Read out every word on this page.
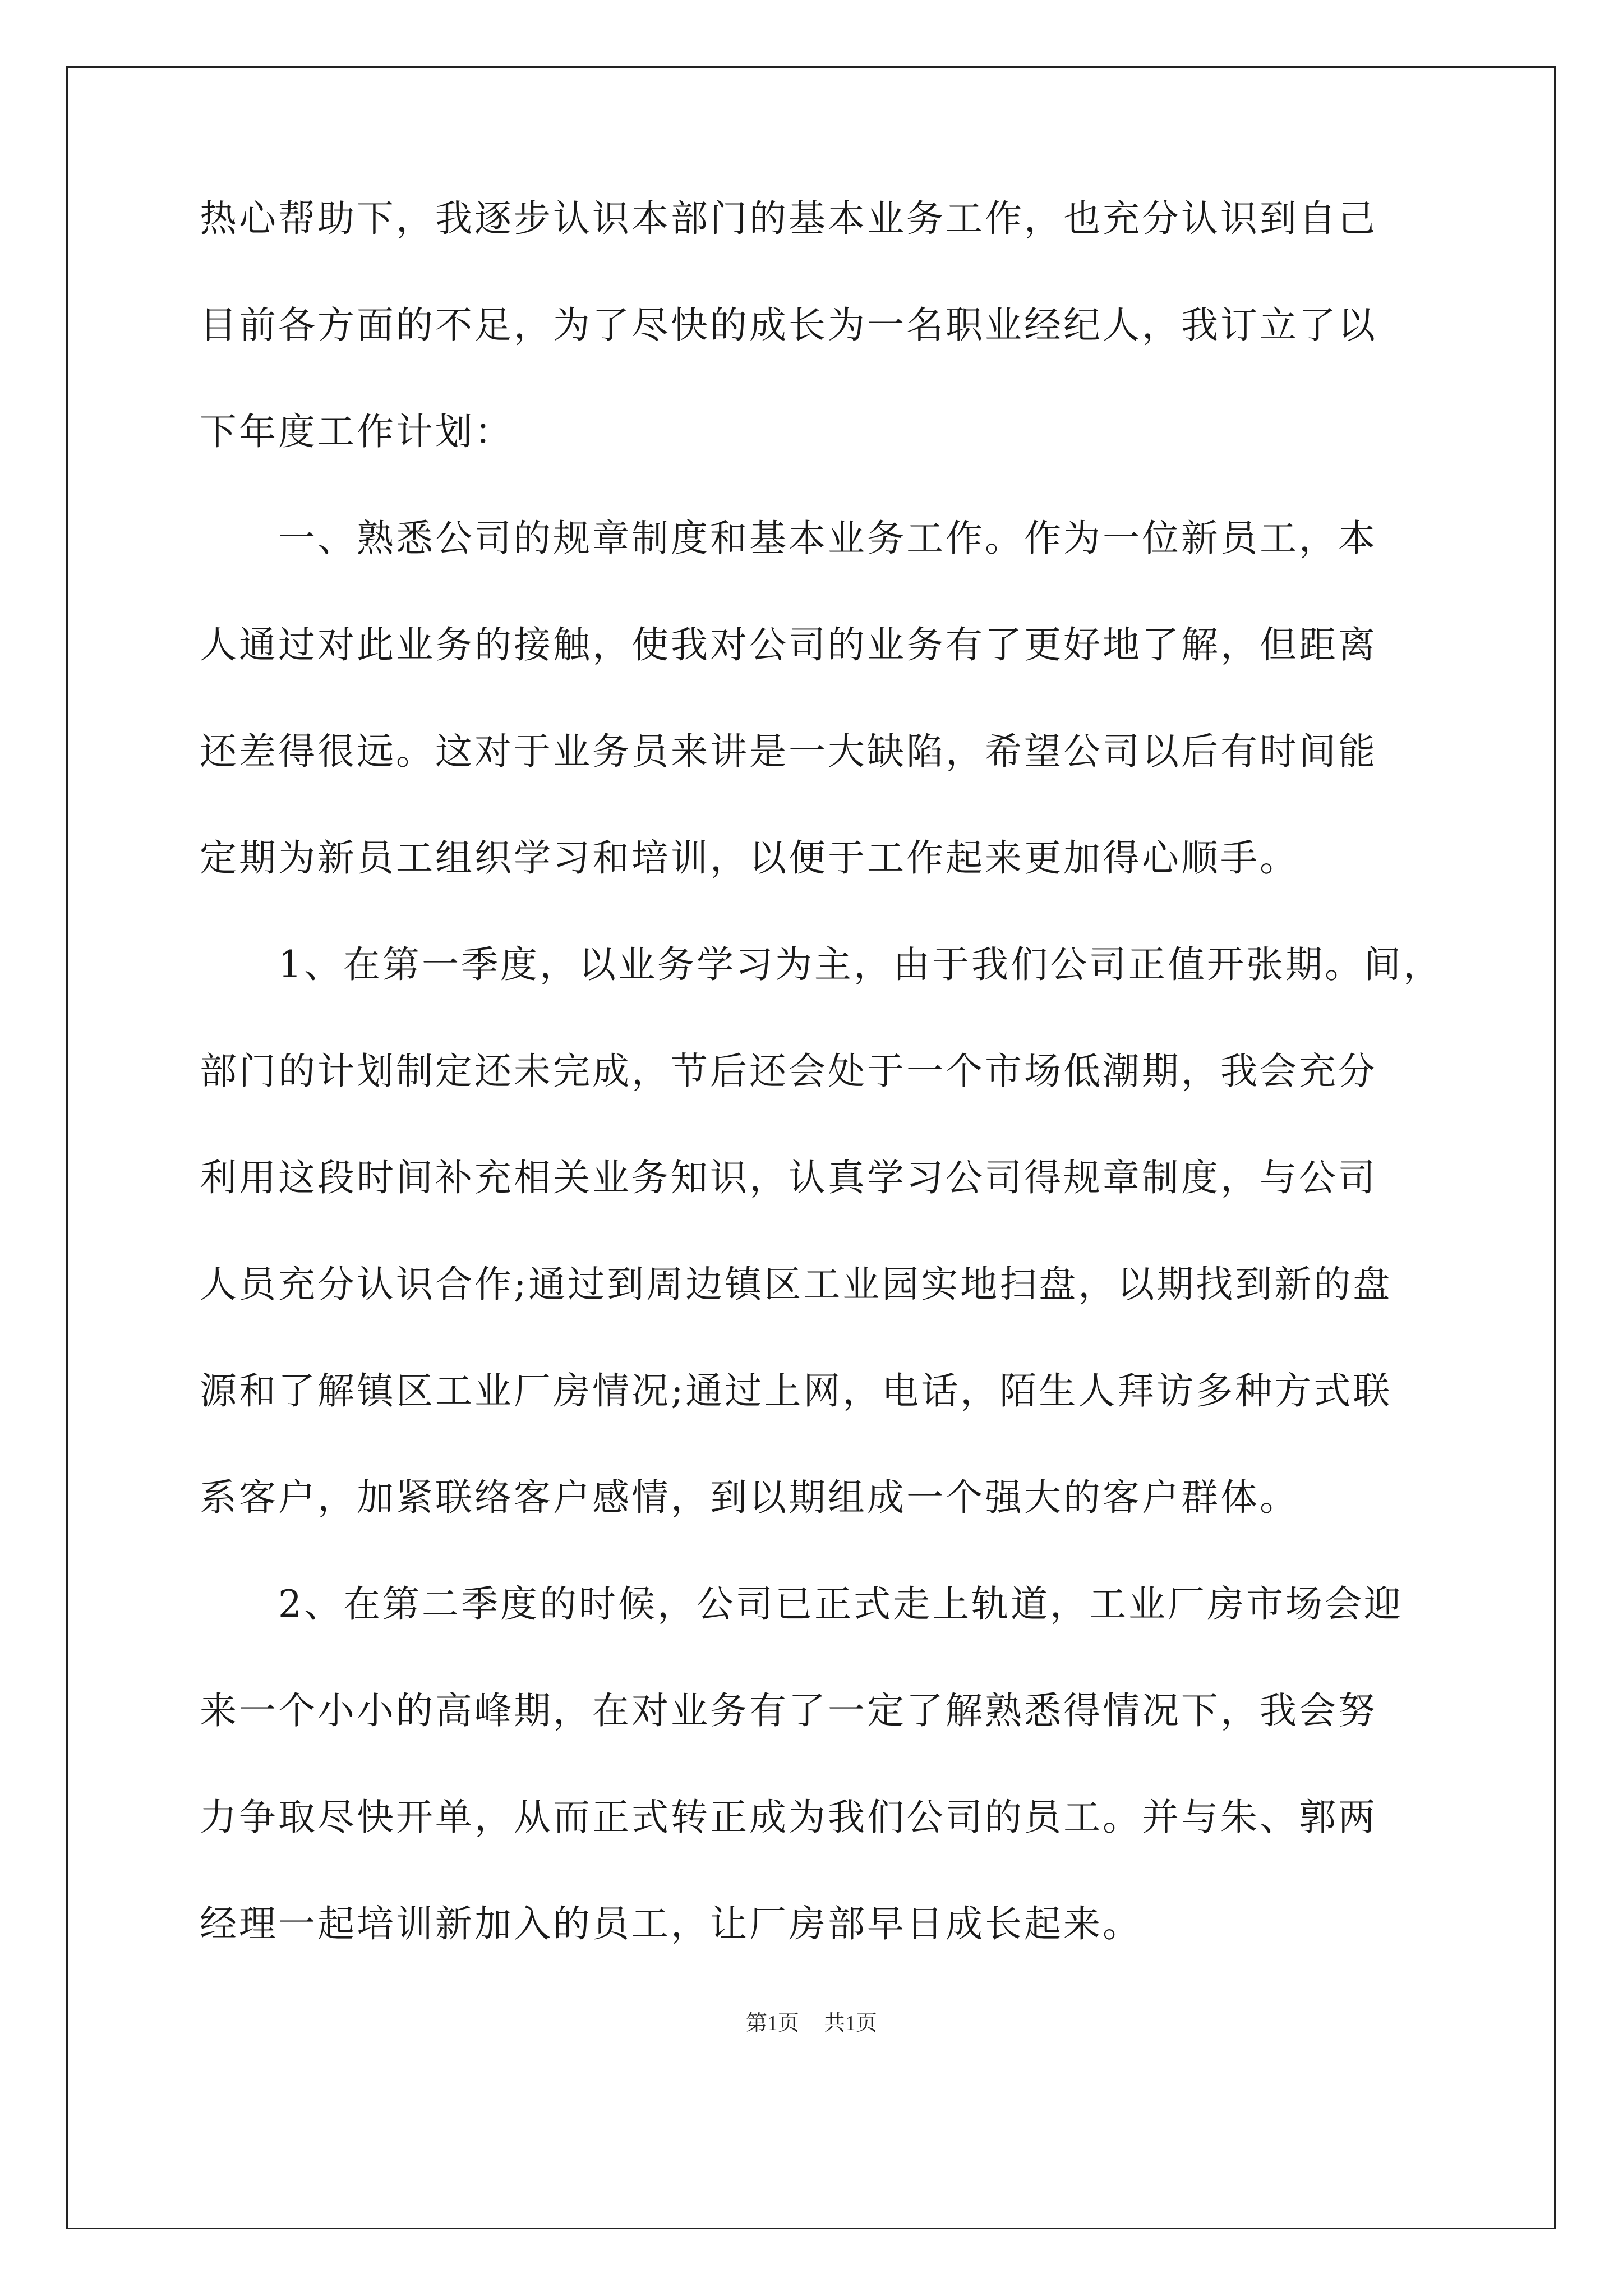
热心帮助下，我逐步认识本部门的基本业务工作，也充分认识到自己
目前各方面的不足，为了尽快的成长为一名职业经纪人，我订立了以
下年度工作计划：
一、熟悉公司的规章制度和基本业务工作。作为一位新员工，本
人通过对此业务的接触，使我对公司的业务有了更好地了解，但距离
还差得很远。这对于业务员来讲是一大缺陷，希望公司以后有时间能
定期为新员工组织学习和培训，以便于工作起来更加得心顺手。
1、在第一季度，以业务学习为主，由于我们公司正值开张期。间，
部门的计划制定还未完成，节后还会处于一个市场低潮期，我会充分
利用这段时间补充相关业务知识，认真学习公司得规章制度，与公司
人员充分认识合作;通过到周边镇区工业园实地扫盘，以期找到新的盘
源和了解镇区工业厂房情况;通过上网，电话，陌生人拜访多种方式联
系客户，加紧联络客户感情，到以期组成一个强大的客户群体。
2、在第二季度的时候，公司已正式走上轨道，工业厂房市场会迎
来一个小小的高峰期，在对业务有了一定了解熟悉得情况下，我会努
力争取尽快开单，从而正式转正成为我们公司的员工。并与朱、郭两
经理一起培训新加入的员工，让厂房部早日成长起来。
第1页 共1页
